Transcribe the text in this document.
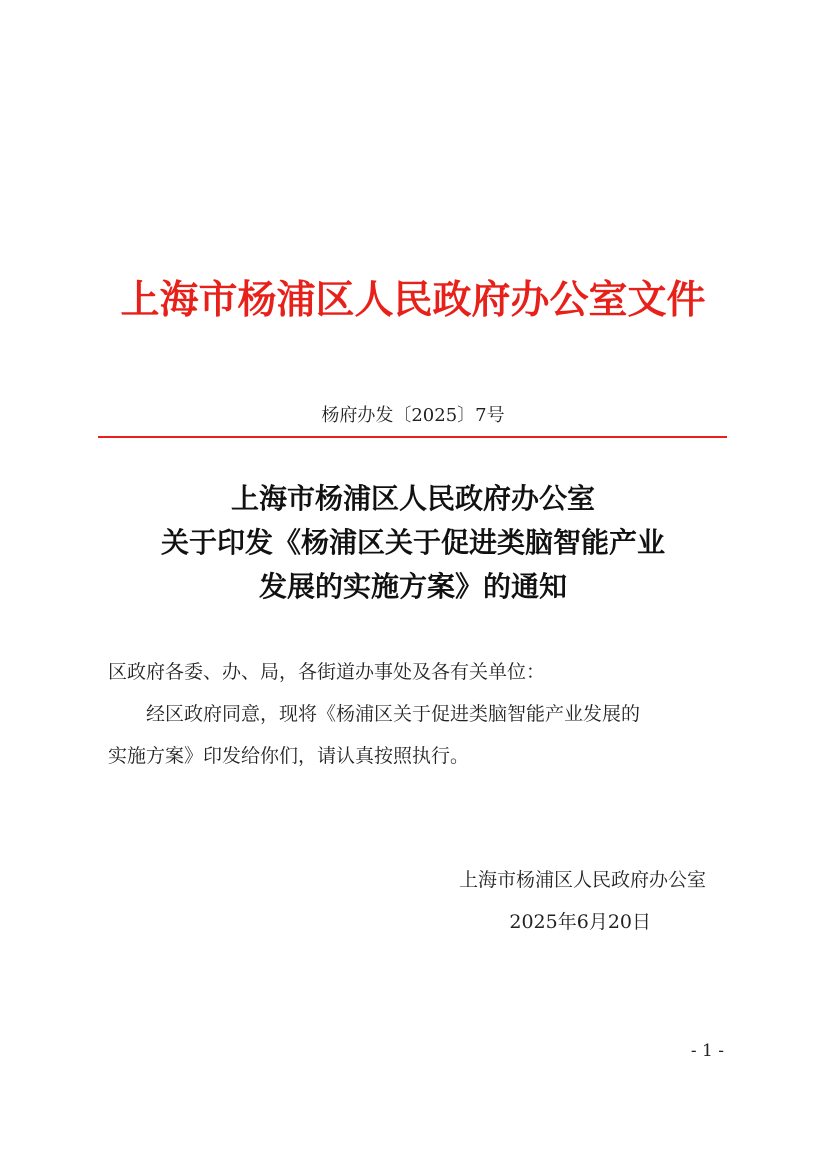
上海市杨浦区人民政府办公室文件
杨府办发〔2025〕7号
上海市杨浦区人民政府办公室
关于印发《杨浦区关于促进类脑智能产业
发展的实施方案》的通知
区政府各委、办、局，各街道办事处及各有关单位：
经区政府同意，现将《杨浦区关于促进类脑智能产业发展的
实施方案》印发给你们，请认真按照执行。
上海市杨浦区人民政府办公室
2025年6月20日
- 1 -
